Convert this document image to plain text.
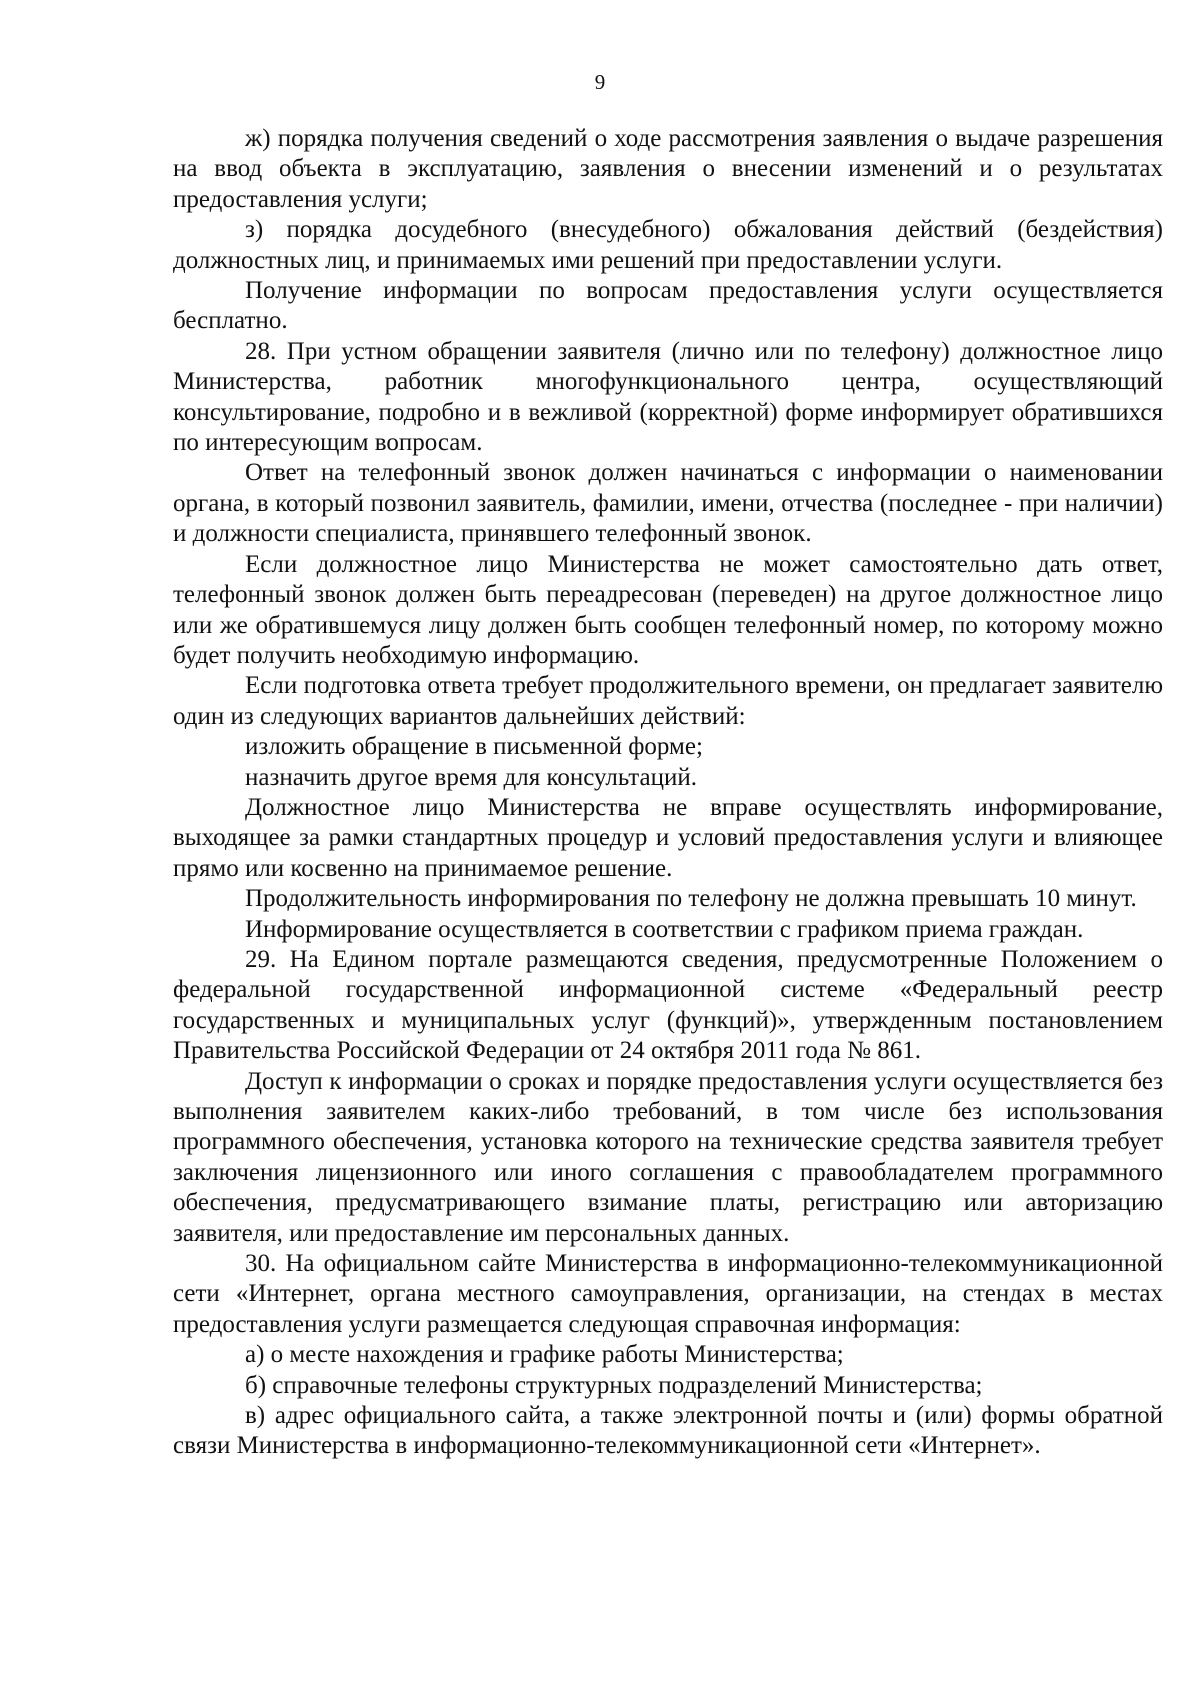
9

ж) порядка получения сведений о ходе рассмотрения заявления о выдаче разрешения на ввод объекта в эксплуатацию, заявления о внесении изменений и о результатах предоставления услуги;

з) порядка досудебного (внесудебного) обжалования действий (бездействия) должностных лиц, и принимаемых ими решений при предоставлении услуги.

Получение информации по вопросам предоставления услуги осуществляется бесплатно.

28. При устном обращении заявителя (лично или по телефону) должностное лицо Министерства, работник многофункционального центра, осуществляющий консультирование, подробно и в вежливой (корректной) форме информирует обратившихся по интересующим вопросам.

Ответ на телефонный звонок должен начинаться с информации о наименовании органа, в который позвонил заявитель, фамилии, имени, отчества (последнее - при наличии) и должности специалиста, принявшего телефонный звонок.

Если должностное лицо Министерства не может самостоятельно дать ответ, телефонный звонок должен быть переадресован (переведен) на другое должностное лицо или же обратившемуся лицу должен быть сообщен телефонный номер, по которому можно будет получить необходимую информацию.

Если подготовка ответа требует продолжительного времени, он предлагает заявителю один из следующих вариантов дальнейших действий:

изложить обращение в письменной форме;

назначить другое время для консультаций.

Должностное лицо Министерства не вправе осуществлять информирование, выходящее за рамки стандартных процедур и условий предоставления услуги и влияющее прямо или косвенно на принимаемое решение.

Продолжительность информирования по телефону не должна превышать 10 минут.

Информирование осуществляется в соответствии с графиком приема граждан.

29. На Едином портале размещаются сведения, предусмотренные Положением о федеральной государственной информационной системе «Федеральный реестр государственных и муниципальных услуг (функций)», утвержденным постановлением Правительства Российской Федерации от 24 октября 2011 года № 861.

Доступ к информации о сроках и порядке предоставления услуги осуществляется без выполнения заявителем каких-либо требований, в том числе без использования программного обеспечения, установка которого на технические средства заявителя требует заключения лицензионного или иного соглашения с правообладателем программного обеспечения, предусматривающего взимание платы, регистрацию или авторизацию заявителя, или предоставление им персональных данных.

30. На официальном сайте Министерства в информационно-телекоммуникационной сети «Интернет, органа местного самоуправления, организации, на стендах в местах предоставления услуги размещается следующая справочная информация:

а) о месте нахождения и графике работы Министерства;

б) справочные телефоны структурных подразделений Министерства;

в) адрес официального сайта, а также электронной почты и (или) формы обратной связи Министерства в информационно-телекоммуникационной сети «Интернет».
